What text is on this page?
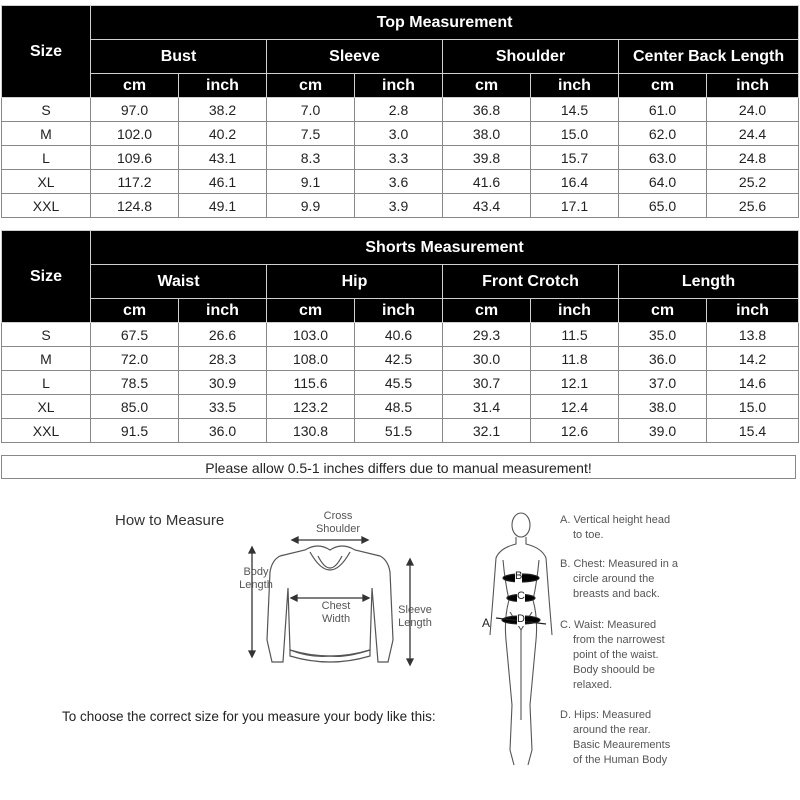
Size	Top Measurement							
	Bust		Sleeve		Shoulder		Center Back Length	
	cm	inch	cm	inch	cm	inch	cm	inch
S	97.0	38.2	7.0	2.8	36.8	14.5	61.0	24.0
M	102.0	40.2	7.5	3.0	38.0	15.0	62.0	24.4
L	109.6	43.1	8.3	3.3	39.8	15.7	63.0	24.8
XL	117.2	46.1	9.1	3.6	41.6	16.4	64.0	25.2
XXL	124.8	49.1	9.9	3.9	43.4	17.1	65.0	25.6
Size	Shorts Measurement							
	Waist		Hip		Front Crotch		Length	
	cm	inch	cm	inch	cm	inch	cm	inch
S	67.5	26.6	103.0	40.6	29.3	11.5	35.0	13.8
M	72.0	28.3	108.0	42.5	30.0	11.8	36.0	14.2
L	78.5	30.9	115.6	45.5	30.7	12.1	37.0	14.6
XL	85.0	33.5	123.2	48.5	31.4	12.4	38.0	15.0
XXL	91.5	36.0	130.8	51.5	32.1	12.6	39.0	15.4
Please allow 0.5-1 inches differs due to manual measurement!
How to Measure	Cross
Shoulder
Body
Length
Chest
Width
Sleeve
Length
To choose the correct size for you measure your body like this:
B
C
D
A
A. Vertical height head
to toe.
B. Chest: Measured in a
circle around the
breasts and back.
C. Waist: Measured
from the narrowest
point of the waist.
Body shoould be
relaxed.
D. Hips: Measured
around the rear.
Basic Meaurements
of the Human Body
